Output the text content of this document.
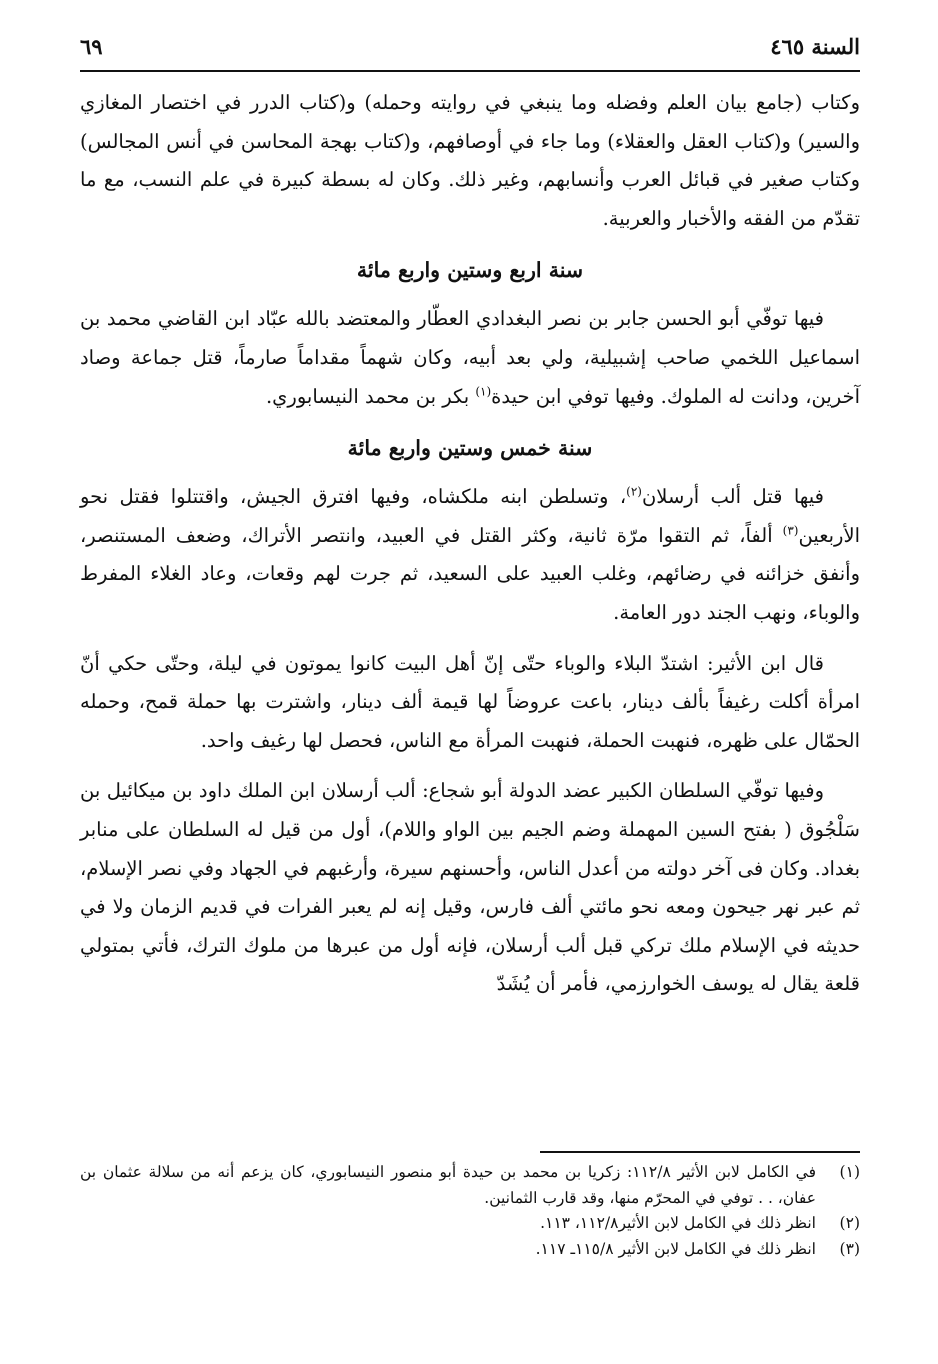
السنة ٤٦٥
٦٩

وكتاب (جامع بيان العلم وفضله وما ينبغي في روايته وحمله) و(كتاب الدرر في اختصار المغازي والسير) و(كتاب العقل والعقلاء) وما جاء في أوصافهم، و(كتاب بهجة المحاسن في أنس المجالس) وكتاب صغير في قبائل العرب وأنسابهم، وغير ذلك. وكان له بسطة كبيرة في علم النسب، مع ما تقدّم من الفقه والأخبار والعربية.

سنة اربع وستين واربع مائة

فيها توفّي أبو الحسن جابر بن نصر البغدادي العطّار والمعتضد بالله عبّاد ابن القاضي محمد بن اسماعيل اللخمي صاحب إشبيلية، ولي بعد أبيه، وكان شهماً مقداماً صارماً، قتل جماعة وصاد آخرين، ودانت له الملوك. وفيها توفي ابن حيدة$^{(١)}$ بكر بن محمد النيسابوري.

سنة خمس وستين واربع مائة

فيها قتل ألب أرسلان$^{(٢)}$، وتسلطن ابنه ملكشاه، وفيها افترق الجيش، واقتتلوا فقتل نحو الأربعين$^{(٣)}$ ألفاً، ثم التقوا مرّة ثانية، وكثر القتل في العبيد، وانتصر الأتراك، وضعف المستنصر، وأنفق خزائنه في رضائهم، وغلب العبيد على السعيد، ثم جرت لهم وقعات، وعاد الغلاء المفرط والوباء، ونهب الجند دور العامة.

قال ابن الأثير: اشتدّ البلاء والوباء حتّى إنّ أهل البيت كانوا يموتون في ليلة، وحتّى حكي أنّ امرأة أكلت رغيفاً بألف دينار، باعت عروضاً لها قيمة ألف دينار، واشترت بها حملة قمح، وحمله الحمّال على ظهره، فنهبت الحملة، فنهبت المرأة مع الناس، فحصل لها رغيف واحد.

وفيها توفّي السلطان الكبير عضد الدولة أبو شجاع: ألب أرسلان ابن الملك داود بن ميكائيل بن سَلْجُوق ( بفتح السين المهملة وضم الجيم بين الواو واللام)، أول من قيل له السلطان على منابر بغداد. وكان فى آخر دولته من أعدل الناس، وأحسنهم سيرة، وأرغبهم في الجهاد وفي نصر الإسلام، ثم عبر نهر جيحون ومعه نحو مائتي ألف فارس، وقيل إنه لم يعبر الفرات في قديم الزمان ولا في حديثه في الإسلام ملك تركي قبل ألب أرسلان، فإنه أول من عبرها من ملوك الترك، فأتي بمتولي قلعة يقال له يوسف الخوارزمي، فأمر أن يُشَدّ

(١)
في الكامل لابن الأثير ١١٢/٨: زكريا بن محمد بن حيدة أبو منصور النيسابوري، كان يزعم أنه من سلالة عثمان بن عفان، . . توفي في المحرّم منها، وقد قارب الثمانين.
(٢)
انظر ذلك في الكامل لابن الأثير١١٢/٨، ١١٣.
(٣)
انظر ذلك في الكامل لابن الأثير ١١٥/٨ـ ١١٧.
